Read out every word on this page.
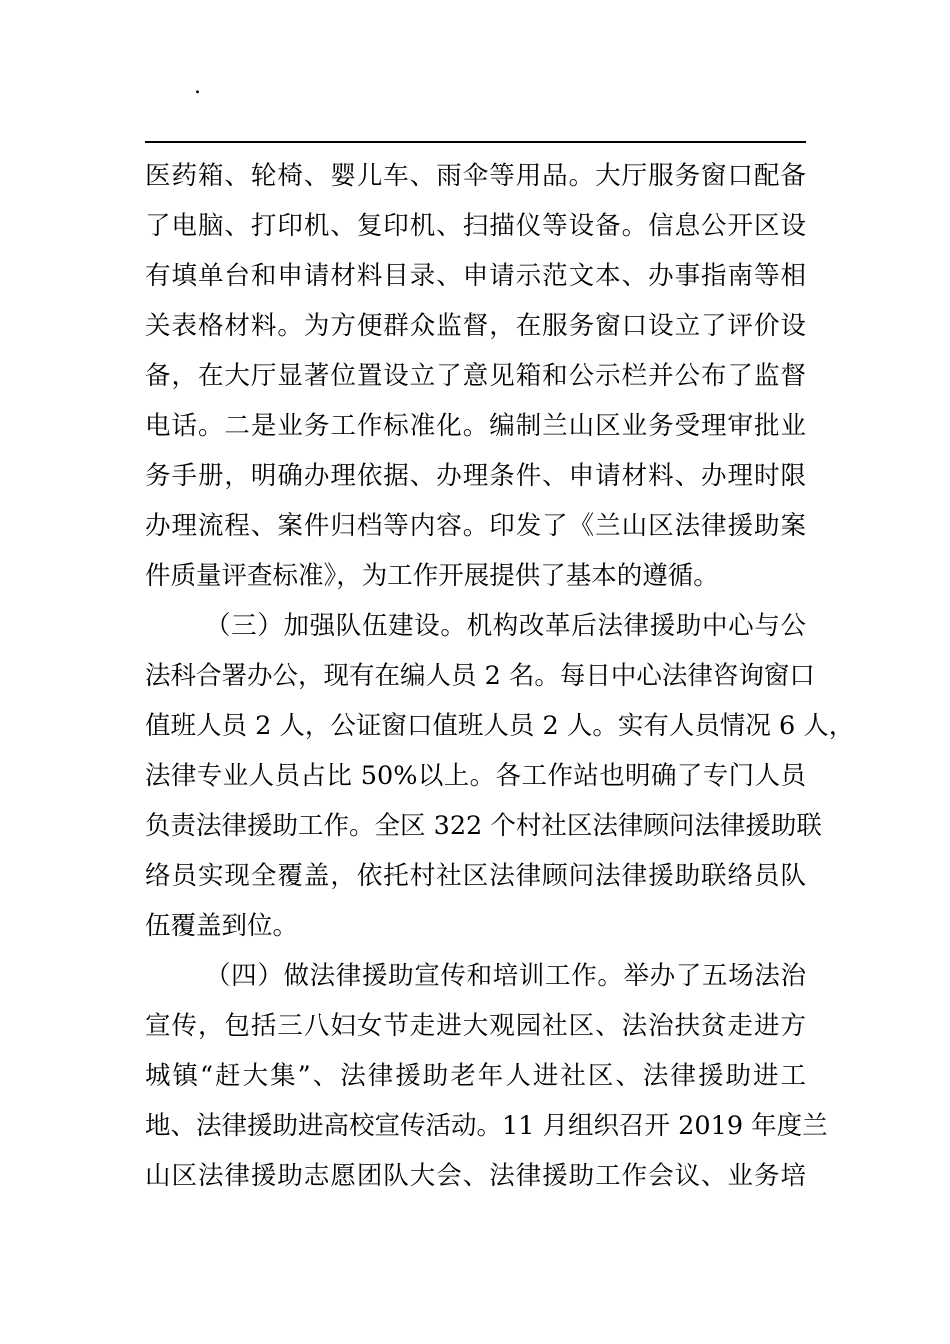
.
医药箱、轮椅、婴儿车、雨伞等用品。大厅服务窗口配备
了电脑、打印机、复印机、扫描仪等设备。信息公开区设
有填单台和申请材料目录、申请示范文本、办事指南等相
关表格材料。为方便群众监督，在服务窗口设立了评价设
备，在大厅显著位置设立了意见箱和公示栏并公布了监督
电话。二是业务工作标准化。编制兰山区业务受理审批业
务手册，明确办理依据、办理条件、申请材料、办理时限
办理流程、案件归档等内容。印发了《兰山区法律援助案
件质量评查标准》，为工作开展提供了基本的遵循。
（三）加强队伍建设。机构改革后法律援助中心与公
法科合署办公，现有在编人员 2 名。每日中心法律咨询窗口
值班人员 2 人，公证窗口值班人员 2 人。实有人员情况 6 人，
法律专业人员占比 50%以上。各工作站也明确了专门人员
负责法律援助工作。全区 322 个村社区法律顾问法律援助联
络员实现全覆盖，依托村社区法律顾问法律援助联络员队
伍覆盖到位。
（四）做法律援助宣传和培训工作。举办了五场法治
宣传，包括三八妇女节走进大观园社区、法治扶贫走进方
城镇“赶大集”、法律援助老年人进社区、法律援助进工
地、法律援助进高校宣传活动。11 月组织召开 2019 年度兰
山区法律援助志愿团队大会、法律援助工作会议、业务培
